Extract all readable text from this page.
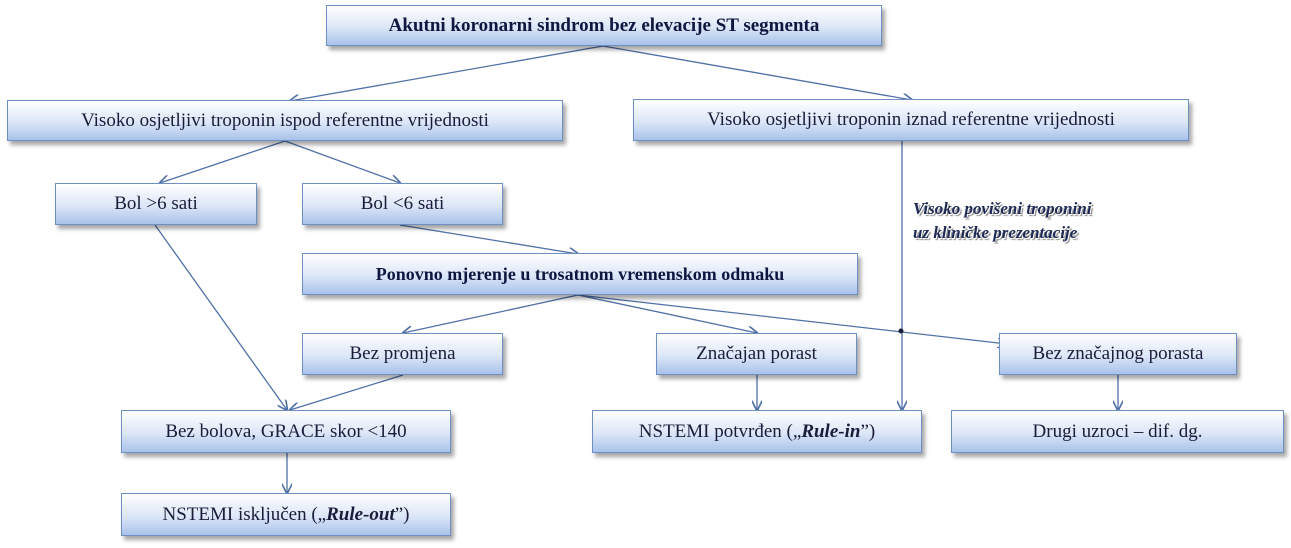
Akutni koronarni sindrom bez elevacije ST segmenta
Visoko osjetljivi troponin ispod referentne vrijednosti	Visoko osjetljivi troponin iznad referentne vrijednosti
Bol >6 sati	Bol <6 sati
Ponovno mjerenje u trosatnom vremenskom odmaku
Bez promjena	Značajan porast	Bez značajnog porasta
Bez bolova, GRACE skor <140	NSTEMI potvrđen („ Rule-in ”)	Drugi uzroci – dif. dg.
NSTEMI isključen („ Rule-out ”)
Visoko povišeni troponini
uz kliničke prezentacije
